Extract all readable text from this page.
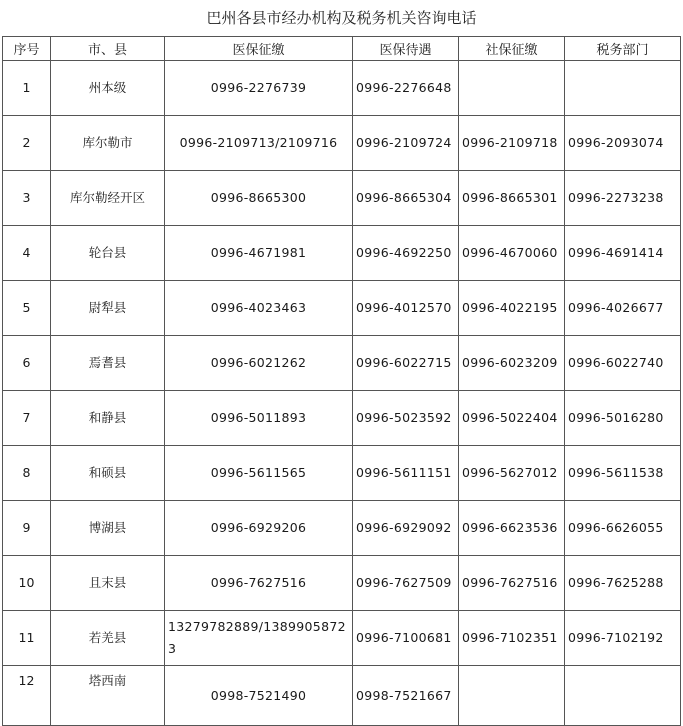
巴州各县市经办机构及税务机关咨询电话
序号	市、县	医保征缴	医保待遇	社保征缴	税务部门
1	州本级	0996-2276739	0996-2276648		
2	库尔勒市	0996-2109713/2109716	0996-2109724	0996-2109718	0996-2093074
3	库尔勒经开区	0996-8665300	0996-8665304	0996-8665301	0996-2273238
4	轮台县	0996-4671981	0996-4692250	0996-4670060	0996-4691414
5	尉犁县	0996-4023463	0996-4012570	0996-4022195	0996-4026677
6	焉耆县	0996-6021262	0996-6022715	0996-6023209	0996-6022740
7	和静县	0996-5011893	0996-5023592	0996-5022404	0996-5016280
8	和硕县	0996-5611565	0996-5611151	0996-5627012	0996-5611538
9	博湖县	0996-6929206	0996-6929092	0996-6623536	0996-6626055
10	且末县	0996-7627516	0996-7627509	0996-7627516	0996-7625288
11	若羌县	13279782889/13899058723	0996-7100681	0996-7102351	0996-7102192
12	塔西南	0998-7521490	0998-7521667		
